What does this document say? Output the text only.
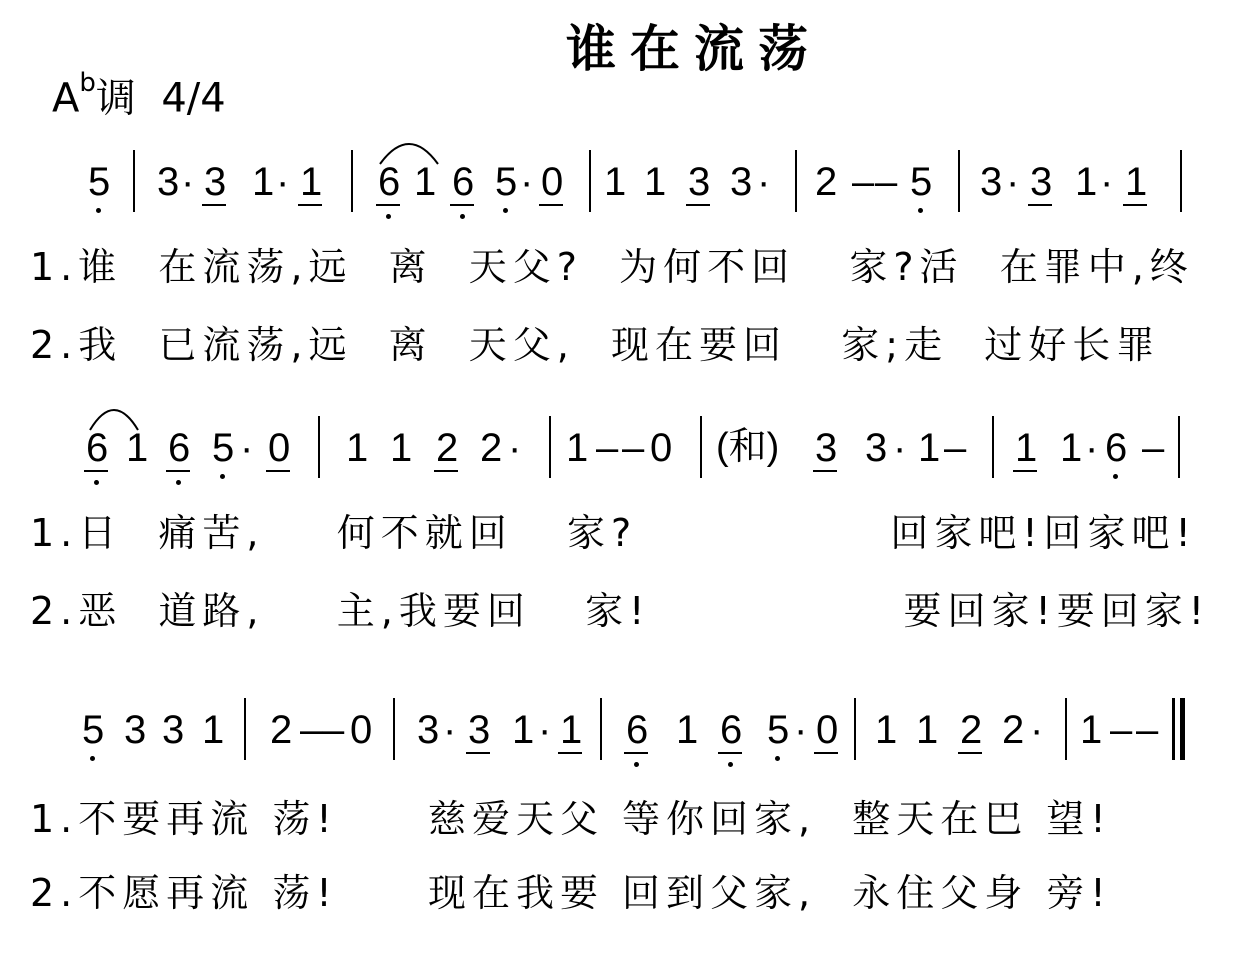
谁在流荡
$A^b$调  4/4
5 3 · 3 1 · 1 6 1 6 5 · 0 1 1 3 3 · 2 – – 5 3 · 3 1 · 1
1.谁  在流荡,远  离  天父?  为何不回   家?活  在罪中,终
2.我  已流荡,远  离  天父,  现在要回   家;走  过好长罪
6 1 6 5 · 0 1 1 2 2 · 1 – – 0 (和) 3 3 · 1 – 1 1 · 6 –
1.日  痛苦,    何不就回   家?              回家吧!回家吧!
2.恶  道路,    主,我要回   家!              要回家!要回家!
5 3 3 1 2 – – 0 3 · 3 1 · 1 6 1 6 5 · 0 1 1 2 2 · 1 – –
1.不要再流 荡!     慈爱天父 等你回家,  整天在巴 望!
2.不愿再流 荡!     现在我要 回到父家,  永住父身 旁!
